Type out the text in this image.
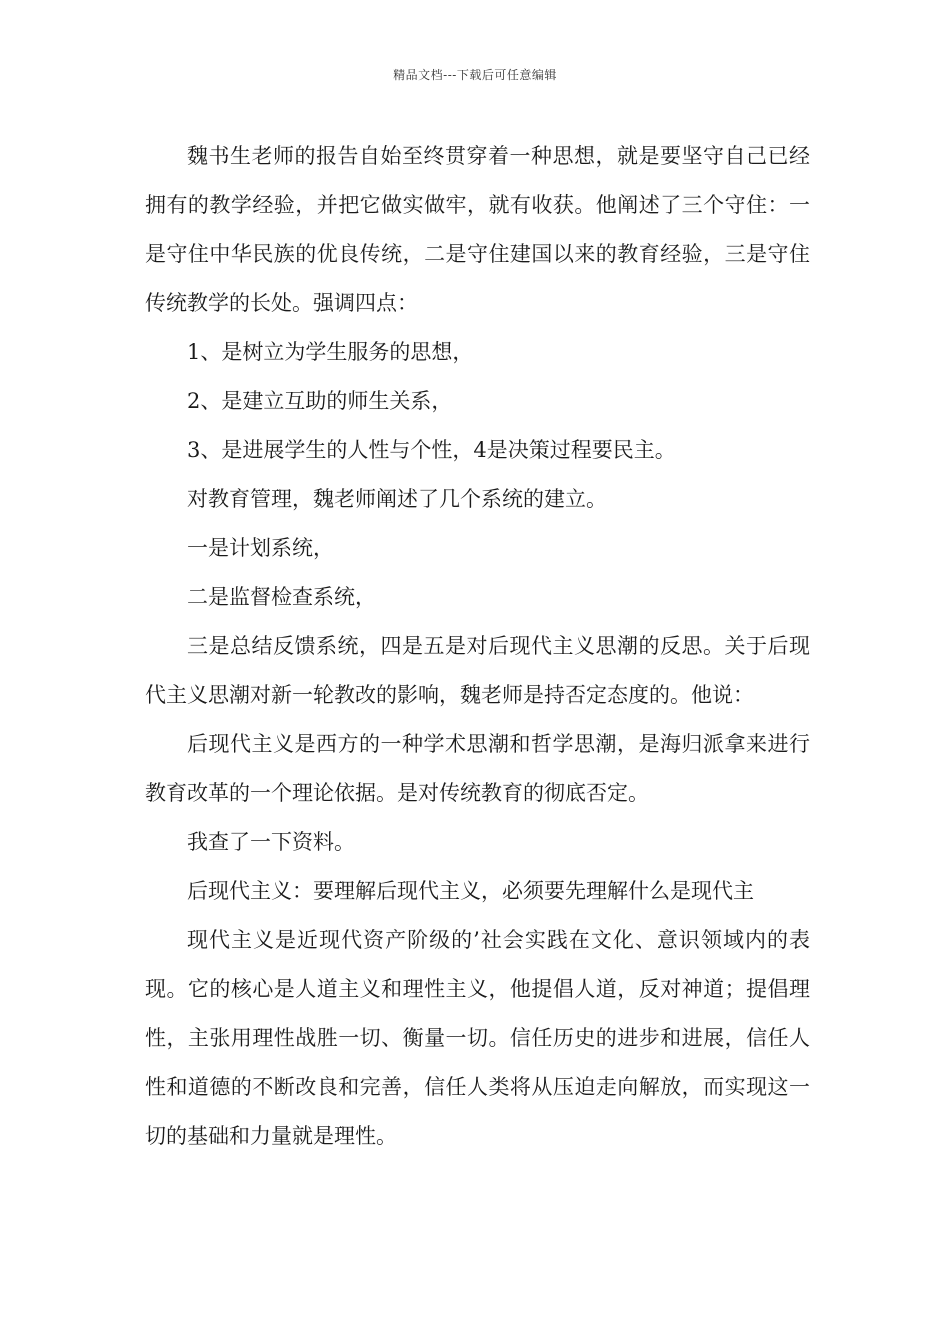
精品文档---下载后可任意编辑

魏书生老师的报告自始至终贯穿着一种思想，就是要坚守自己已经拥有的教学经验，并把它做实做牢，就有收获。他阐述了三个守住：一是守住中华民族的优良传统，二是守住建国以来的教育经验，三是守住传统教学的长处。强调四点：

1、是树立为学生服务的思想，

2、是建立互助的师生关系，

3、是进展学生的人性与个性，4是决策过程要民主。

对教育管理，魏老师阐述了几个系统的建立。

一是计划系统，

二是监督检查系统，

三是总结反馈系统，四是五是对后现代主义思潮的反思。关于后现代主义思潮对新一轮教改的影响，魏老师是持否定态度的。他说：

后现代主义是西方的一种学术思潮和哲学思潮，是海归派拿来进行教育改革的一个理论依据。是对传统教育的彻底否定。

我查了一下资料。

后现代主义：要理解后现代主义，必须要先理解什么是现代主

现代主义是近现代资产阶级的’社会实践在文化、意识领域内的表现。它的核心是人道主义和理性主义，他提倡人道，反对神道；提倡理性，主张用理性战胜一切、衡量一切。信任历史的进步和进展，信任人性和道德的不断改良和完善，信任人类将从压迫走向解放，而实现这一切的基础和力量就是理性。
